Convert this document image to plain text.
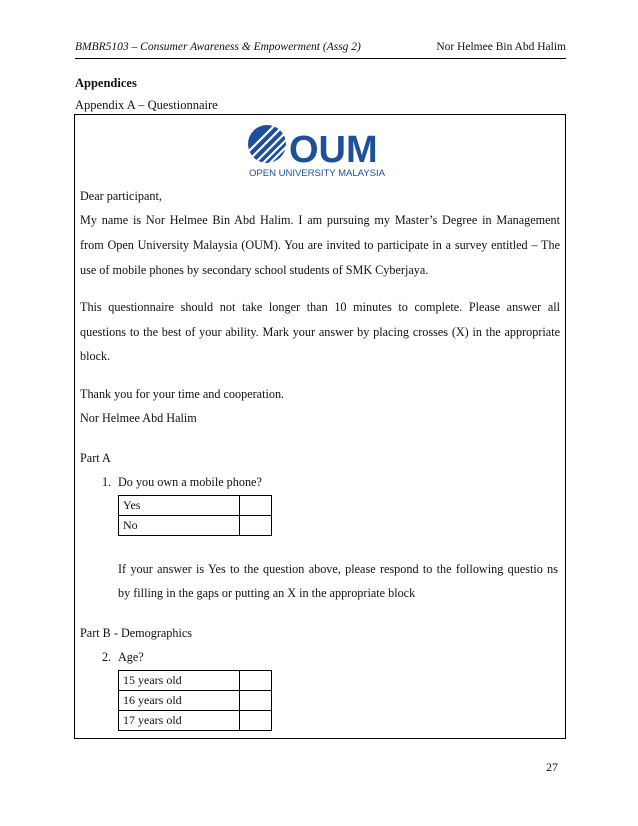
BMBR5103 – Consumer Awareness & Empowerment (Assg 2)	Nor Helmee Bin Abd Halim
Appendices
Appendix A – Questionnaire
OUM
OPEN UNIVERSITY MALAYSIA
Dear participant,
My name is Nor Helmee Bin Abd Halim. I am pursuing my Master’s Degree in Management
from Open University Malaysia (OUM). You are invited to participate in a survey entitled – The
use of mobile phones by secondary school students of SMK Cyberjaya.
This questionnaire should not take longer than 10 minutes to complete. Please answer all
questions to the best of your ability. Mark your answer by placing crosses (X) in the appropriate
block.
Thank you for your time and cooperation.
Nor Helmee Abd Halim
Part A
1. Do you own a mobile phone?
Yes	
No	
If your answer is Yes to the question above, please respond to the following questio ns
by filling in the gaps or putting an X in the appropriate block
Part B - Demographics
2. Age?
15 years old	
16 years old	
17 years old	
27
